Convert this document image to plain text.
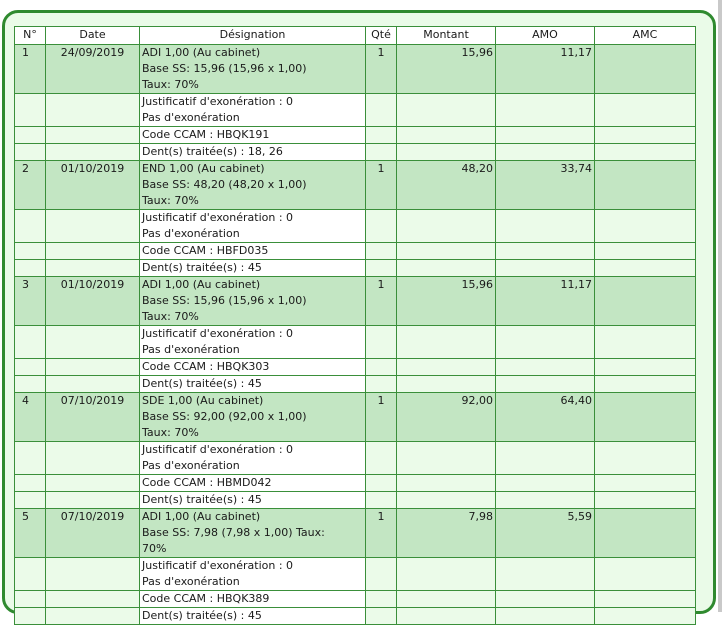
N°	Date	Désignation	Qté	Montant	AMO	AMC
1	24/09/2019	ADI 1,00 (Au cabinet)
Base SS: 15,96 (15,96 x 1,00)
Taux: 70%	1	15,96	11,17	
		Justificatif d'exonération : 0
Pas d'exonération				
		Code CCAM : HBQK191				
		Dent(s) traitée(s) : 18, 26				
2	01/10/2019	END 1,00 (Au cabinet)
Base SS: 48,20 (48,20 x 1,00)
Taux: 70%	1	48,20	33,74	
		Justificatif d'exonération : 0
Pas d'exonération				
		Code CCAM : HBFD035				
		Dent(s) traitée(s) : 45				
3	01/10/2019	ADI 1,00 (Au cabinet)
Base SS: 15,96 (15,96 x 1,00)
Taux: 70%	1	15,96	11,17	
		Justificatif d'exonération : 0
Pas d'exonération				
		Code CCAM : HBQK303				
		Dent(s) traitée(s) : 45				
4	07/10/2019	SDE 1,00 (Au cabinet)
Base SS: 92,00 (92,00 x 1,00)
Taux: 70%	1	92,00	64,40	
		Justificatif d'exonération : 0
Pas d'exonération				
		Code CCAM : HBMD042				
		Dent(s) traitée(s) : 45				
5	07/10/2019	ADI 1,00 (Au cabinet)
Base SS: 7,98 (7,98 x 1,00) Taux:
70%	1	7,98	5,59	
		Justificatif d'exonération : 0
Pas d'exonération				
		Code CCAM : HBQK389				
		Dent(s) traitée(s) : 45				
